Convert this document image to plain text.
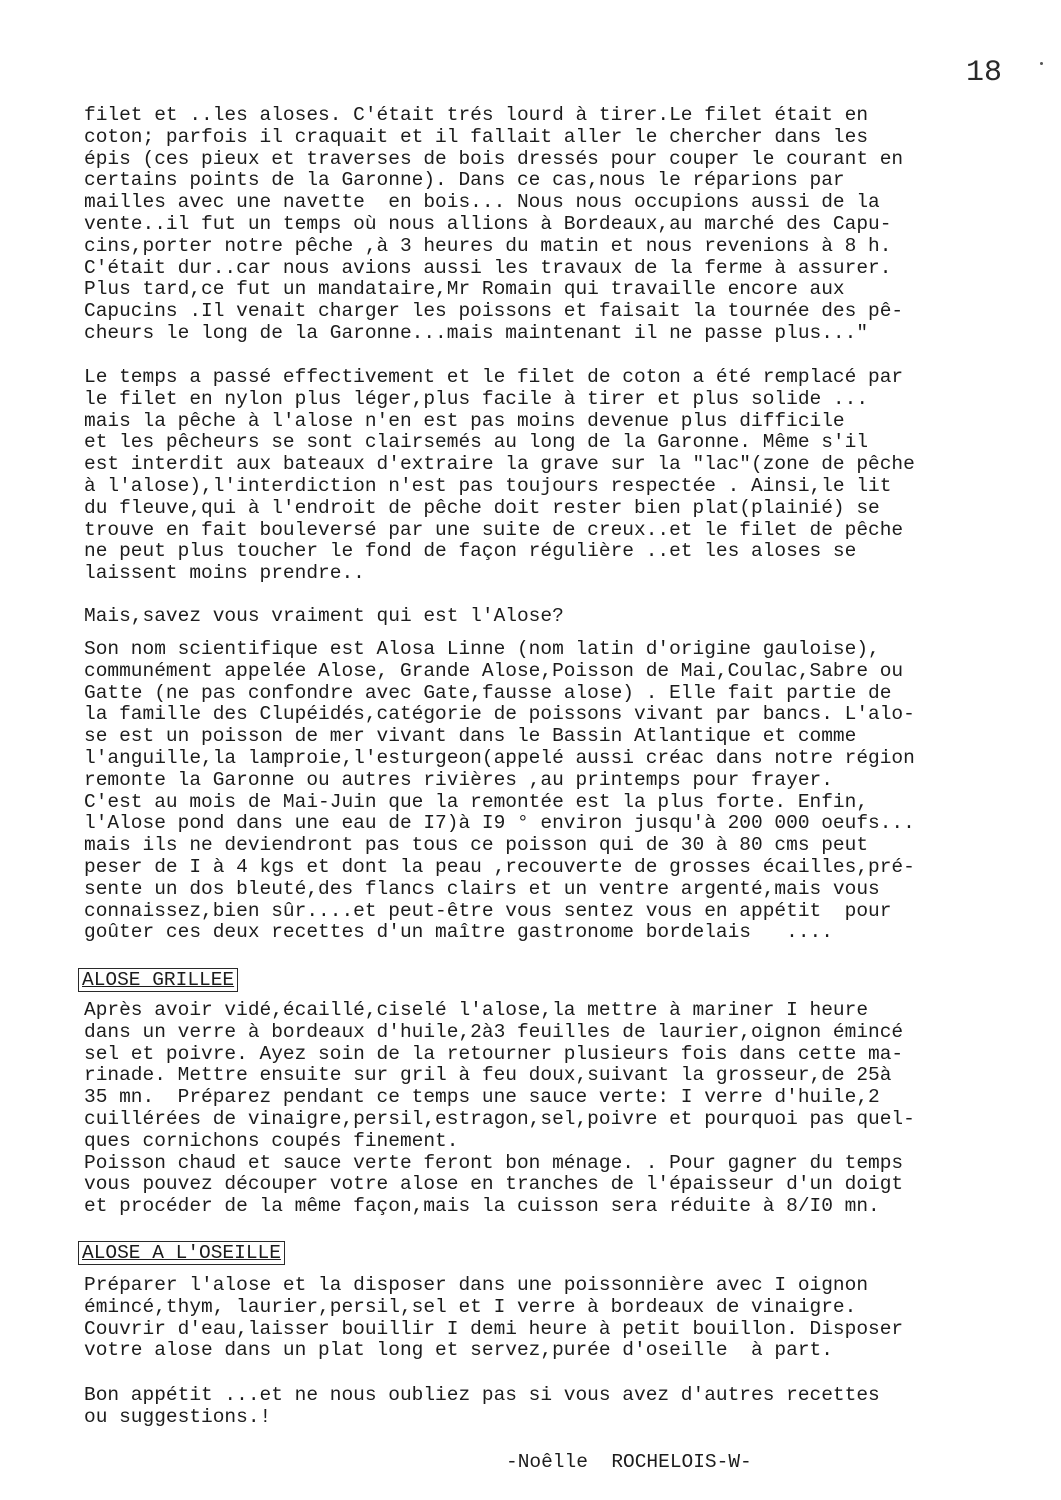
18

filet et ..les aloses. C'était trés lourd à tirer.Le filet était en
coton; parfois il craquait et il fallait aller le chercher dans les
épis (ces pieux et traverses de bois dressés pour couper le courant en
certains points de la Garonne). Dans ce cas,nous le réparions par
mailles avec une navette  en bois... Nous nous occupions aussi de la
vente..il fut un temps où nous allions à Bordeaux,au marché des Capu-
cins,porter notre pêche ,à 3 heures du matin et nous revenions à 8 h.
C'était dur..car nous avions aussi les travaux de la ferme à assurer.
Plus tard,ce fut un mandataire,Mr Romain qui travaille encore aux
Capucins .Il venait charger les poissons et faisait la tournée des pê-
cheurs le long de la Garonne...mais maintenant il ne passe plus..."

Le temps a passé effectivement et le filet de coton a été remplacé par
le filet en nylon plus léger,plus facile à tirer et plus solide ...
mais la pêche à l'alose n'en est pas moins devenue plus difficile
et les pêcheurs se sont clairsemés au long de la Garonne. Même s'il
est interdit aux bateaux d'extraire la grave sur la "lac"(zone de pêche
à l'alose),l'interdiction n'est pas toujours respectée . Ainsi,le lit
du fleuve,qui à l'endroit de pêche doit rester bien plat(plainié) se
trouve en fait bouleversé par une suite de creux..et le filet de pêche
ne peut plus toucher le fond de façon régulière ..et les aloses se
laissent moins prendre..

Mais,savez vous vraiment qui est l'Alose?

Son nom scientifique est Alosa Linne (nom latin d'origine gauloise),
communément appelée Alose, Grande Alose,Poisson de Mai,Coulac,Sabre ou
Gatte (ne pas confondre avec Gate,fausse alose) . Elle fait partie de
la famille des Clupéidés,catégorie de poissons vivant par bancs. L'alo-
se est un poisson de mer vivant dans le Bassin Atlantique et comme
l'anguille,la lamproie,l'esturgeon(appelé aussi créac dans notre région
remonte la Garonne ou autres rivières ,au printemps pour frayer.
C'est au mois de Mai-Juin que la remontée est la plus forte. Enfin,
l'Alose pond dans une eau de I7)à I9 ° environ jusqu'à 200 000 oeufs...
mais ils ne deviendront pas tous ce poisson qui de 30 à 80 cms peut
peser de I à 4 kgs et dont la peau ,recouverte de grosses écailles,pré-
sente un dos bleuté,des flancs clairs et un ventre argenté,mais vous
connaissez,bien sûr....et peut-être vous sentez vous en appétit  pour
goûter ces deux recettes d'un maître gastronome bordelais   ....

ALOSE GRILLEE

Après avoir vidé,écaillé,ciselé l'alose,la mettre à mariner I heure
dans un verre à bordeaux d'huile,2à3 feuilles de laurier,oignon émincé
sel et poivre. Ayez soin de la retourner plusieurs fois dans cette ma-
rinade. Mettre ensuite sur gril à feu doux,suivant la grosseur,de 25à
35 mn.  Préparez pendant ce temps une sauce verte: I verre d'huile,2
cuillérées de vinaigre,persil,estragon,sel,poivre et pourquoi pas quel-
ques cornichons coupés finement.
Poisson chaud et sauce verte feront bon ménage. . Pour gagner du temps
vous pouvez découper votre alose en tranches de l'épaisseur d'un doigt
et procéder de la même façon,mais la cuisson sera réduite à 8/I0 mn.

ALOSE A L'OSEILLE

Préparer l'alose et la disposer dans une poissonnière avec I oignon
émincé,thym, laurier,persil,sel et I verre à bordeaux de vinaigre.
Couvrir d'eau,laisser bouillir I demi heure à petit bouillon. Disposer
votre alose dans un plat long et servez,purée d'oseille  à part.

Bon appétit ...et ne nous oubliez pas si vous avez d'autres recettes
ou suggestions.!

-Noêlle  ROCHELOIS-W-
